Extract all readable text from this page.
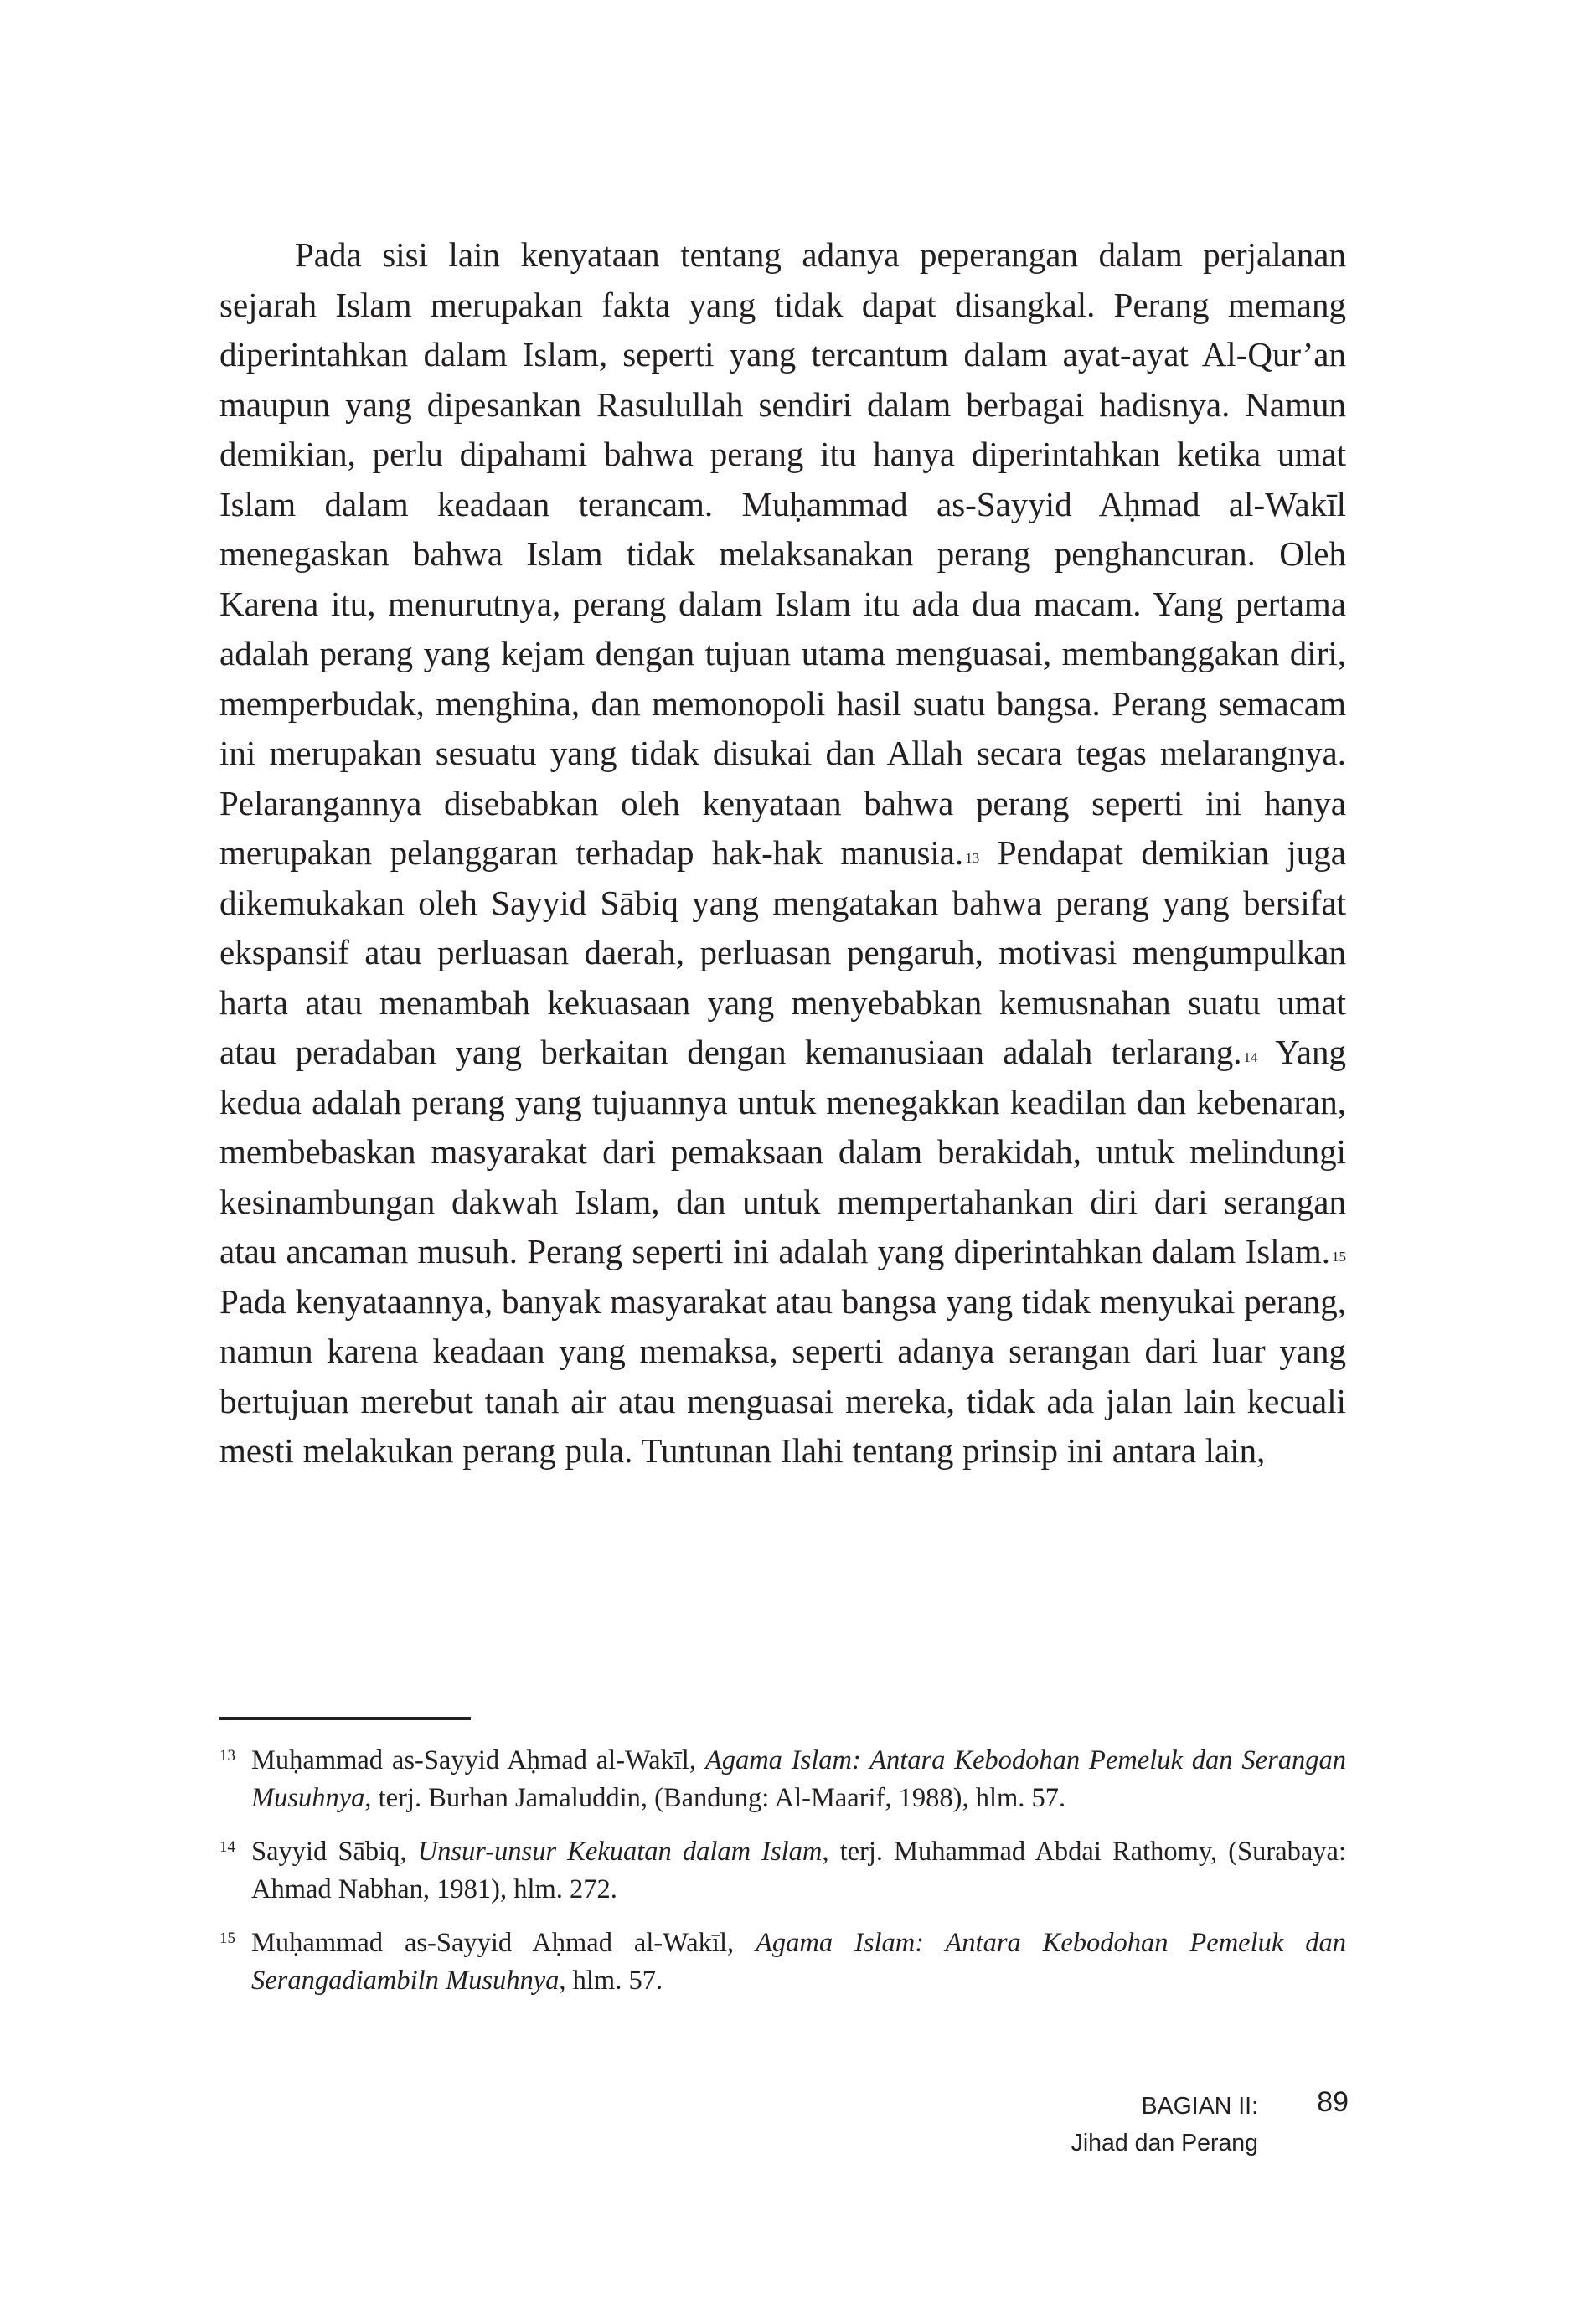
Pada sisi lain kenyataan tentang adanya peperangan dalam perjalanan sejarah Islam merupakan fakta yang tidak dapat disangkal. Perang memang diperintahkan dalam Islam, seperti yang tercantum dalam ayat-ayat Al-Qur’an maupun yang dipesankan Rasulullah sendiri dalam berbagai hadisnya. Namun demikian, perlu dipahami bahwa perang itu hanya diperintahkan ketika umat Islam dalam keadaan terancam. Muḥammad as-Sayyid Aḥmad al-Wakīl menegaskan bahwa Islam tidak melaksanakan perang penghancuran. Oleh Karena itu, menurutnya, perang dalam Islam itu ada dua macam. Yang pertama adalah perang yang kejam dengan tujuan utama menguasai, membanggakan diri, memperbudak, menghina, dan memonopoli hasil suatu bangsa. Perang semacam ini merupakan sesuatu yang tidak disukai dan Allah secara tegas melarangnya. Pelarangannya disebabkan oleh kenyataan bahwa perang seperti ini hanya merupakan pelanggaran terhadap hak-hak manusia. $^{13}$ Pendapat demikian juga dikemukakan oleh Sayyid Sābiq yang mengatakan bahwa perang yang bersifat ekspansif atau perluasan daerah, perluasan pengaruh, motivasi mengumpulkan harta atau menambah kekuasaan yang menyebabkan kemusnahan suatu umat atau peradaban yang berkaitan dengan kemanusiaan adalah terlarang. $^{14}$ Yang kedua adalah perang yang tujuannya untuk menegakkan keadilan dan kebenaran, membebaskan masyarakat dari pemaksaan dalam berakidah, untuk melindungi kesinambungan dakwah Islam, dan untuk mempertahankan diri dari serangan atau ancaman musuh. Perang seperti ini adalah yang diperintahkan dalam Islam. $^{15}$ Pada kenyataannya, banyak masyarakat atau bangsa yang tidak menyukai perang, namun karena keadaan yang memaksa, seperti adanya serangan dari luar yang bertujuan merebut tanah air atau menguasai mereka, tidak ada jalan lain kecuali mesti melakukan perang pula. Tuntunan Ilahi tentang prinsip ini antara lain,

13 Muḥammad as-Sayyid Aḥmad al-Wakīl, Agama Islam: Antara Kebodohan Pemeluk dan Serangan Musuhnya, terj. Burhan Jamaluddin, (Bandung: Al-Maarif, 1988), hlm. 57.
14 Sayyid Sābiq, Unsur-unsur Kekuatan dalam Islam, terj. Muhammad Abdai Rathomy, (Surabaya: Ahmad Nabhan, 1981), hlm. 272.
15 Muḥammad as-Sayyid Aḥmad al-Wakīl, Agama Islam: Antara Kebodohan Pemeluk dan Serangadiambiln Musuhnya, hlm. 57.
BAGIAN II:
Jihad dan Perang
89
